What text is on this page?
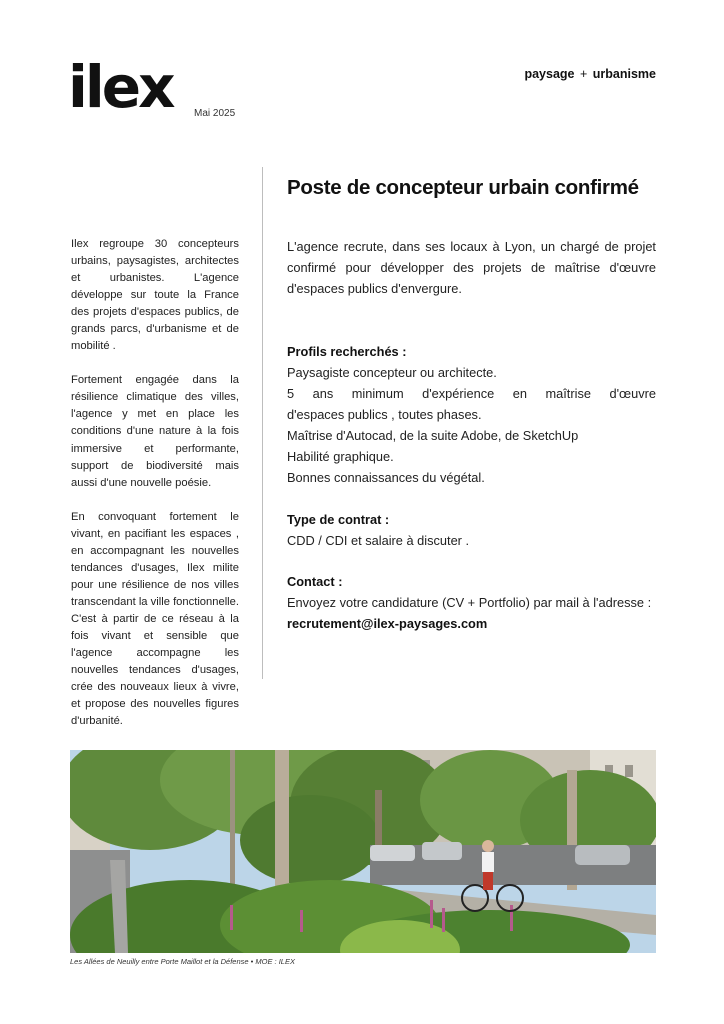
ilex Mai 2025
paysage + urbanisme

Ilex regroupe 30 concepteurs urbains, paysagistes, architectes et urbanistes. L'agence développe sur toute la France des projets d'espaces publics, de grands parcs, d'urbanisme et de mobilité .

Fortement engagée dans la résilience climatique des villes, l'agence y met en place les conditions d'une nature à la fois immersive et performante, support de biodiversité mais aussi d'une nouvelle poésie.

En convoquant fortement le vivant, en pacifiant les espaces , en accompagnant les nouvelles tendances d'usages, Ilex milite pour une résilience de nos villes transcendant la ville fonctionnelle. C'est à partir de ce réseau à la fois vivant et sensible que l'agence accompagne les nouvelles tendances d'usages, crée des nouveaux lieux à vivre, et propose des nouvelles figures d'urbanité.

Poste de concepteur urbain confirmé
L'agence recrute, dans ses locaux à Lyon, un chargé de projet confirmé pour développer des projets de maîtrise d'œuvre d'espaces publics d'envergure.

Profils recherchés :

Paysagiste concepteur ou architecte.

5 ans minimum d'expérience en maîtrise d'œuvre

d'espaces publics , toutes phases.

Maîtrise d'Autocad, de la suite Adobe, de SketchUp

Habilité graphique.

Bonnes connaissances du végétal.

Type de contrat :

CDD / CDI et salaire à discuter .

Contact :

Envoyez votre candidature (CV + Portfolio) par mail à l'adresse :

recrutement@ilex-paysages.com

Les Allées de Neuilly entre Porte Maillot et la Défense • MOE : ILEX
